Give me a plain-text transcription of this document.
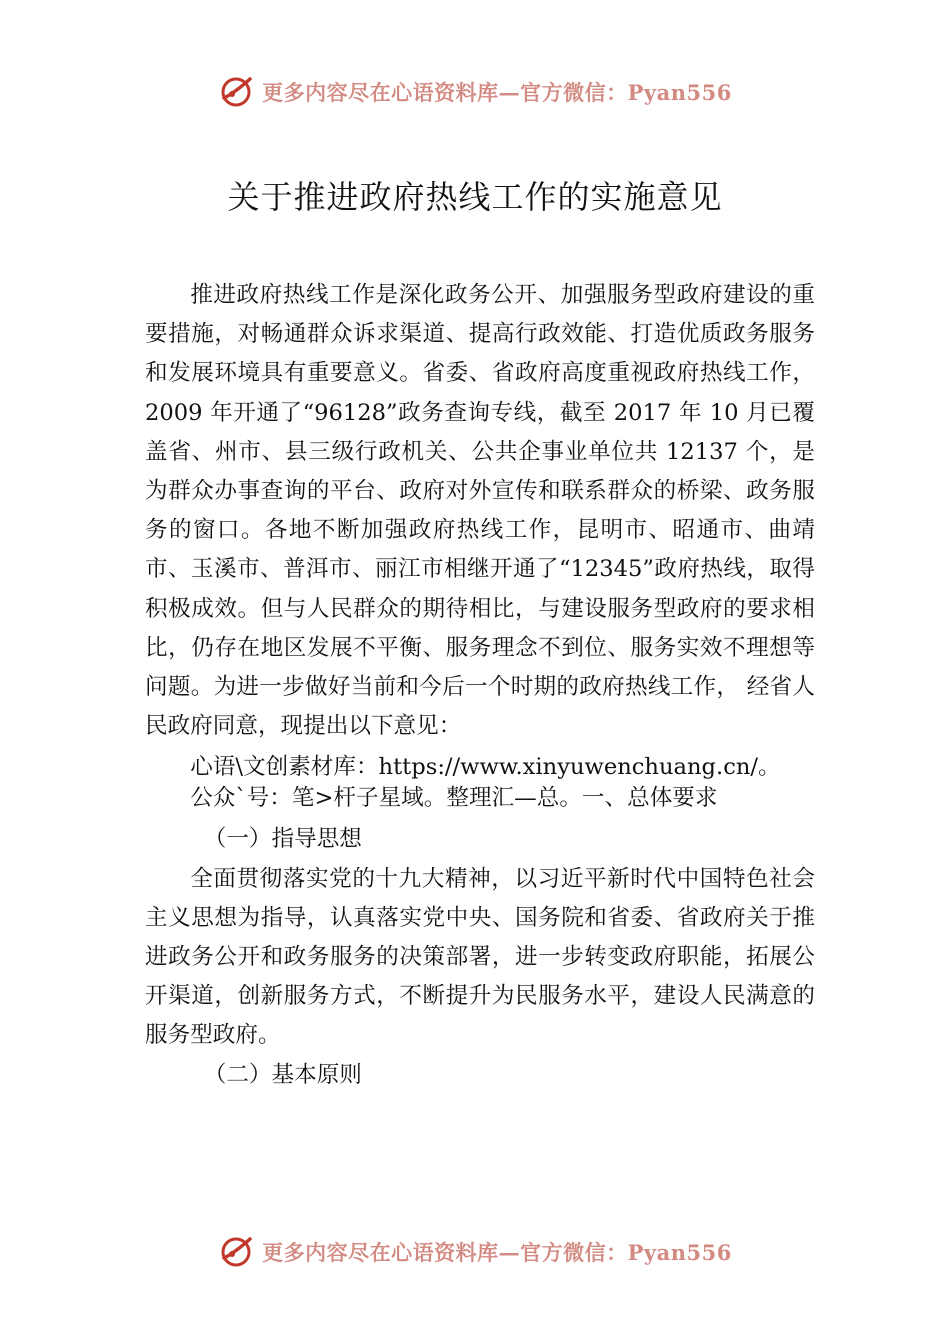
更多内容尽在心语资料库—官方微信：Pyan556
关于推进政府热线工作的实施意见

推进政府热线工作是深化政务公开、加强服务型政府建设的重要措施，对畅通群众诉求渠道、提高行政效能、打造优质政务服务和发展环境具有重要意义。省委、省政府高度重视政府热线工作，2009 年开通了“96128”政务查询专线，截至 2017 年 10 月已覆盖省、州市、县三级行政机关、公共企事业单位共 12137 个，是为群众办事查询的平台、政府对外宣传和联系群众的桥梁、政务服务的窗口。各地不断加强政府热线工作，昆明市、昭通市、曲靖市、玉溪市、普洱市、丽江市相继开通了“12345”政府热线，取得积极成效。但与人民群众的期待相比，与建设服务型政府的要求相比，仍存在地区发展不平衡、服务理念不到位、服务实效不理想等问题。为进一步做好当前和今后一个时期的政府热线工作， 经省人民政府同意，现提出以下意见：

心语\文创素材库：https://www.xinyuwenchuang.cn/。

公众`号：笔>杆子星域。整理汇—总。一、总体要求

（一）指导思想

全面贯彻落实党的十九大精神，以习近平新时代中国特色社会主义思想为指导，认真落实党中央、国务院和省委、省政府关于推进政务公开和政务服务的决策部署，进一步转变政府职能，拓展公开渠道，创新服务方式，不断提升为民服务水平，建设人民满意的服务型政府。

（二）基本原则

更多内容尽在心语资料库—官方微信：Pyan556
